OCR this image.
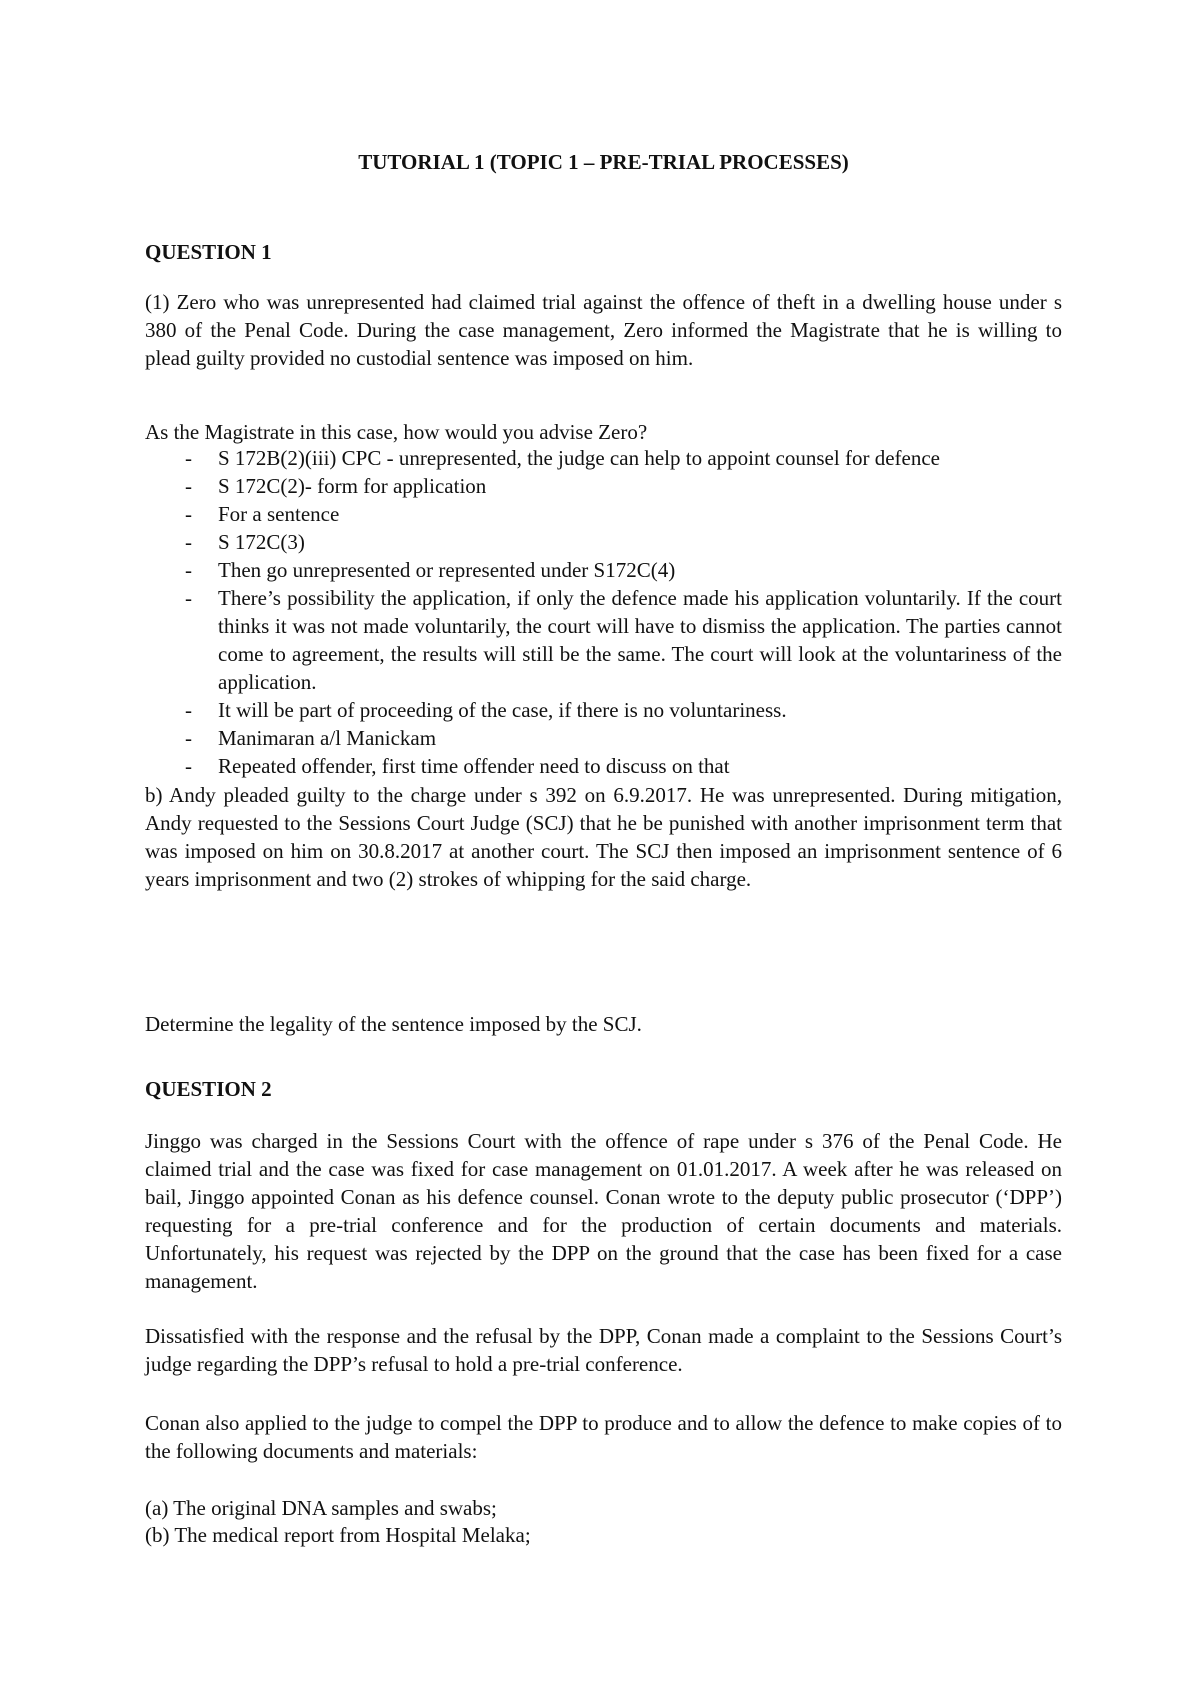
TUTORIAL 1 (TOPIC 1 – PRE-TRIAL PROCESSES)
QUESTION 1
(1) Zero who was unrepresented had claimed trial against the offence of theft in a dwelling house under s 380 of the Penal Code. During the case management, Zero informed the Magistrate that he is willing to plead guilty provided no custodial sentence was imposed on him.
As the Magistrate in this case, how would you advise Zero?
- S 172B(2)(iii) CPC - unrepresented, the judge can help to appoint counsel for defence
- S 172C(2)- form for application
- For a sentence
- S 172C(3)
- Then go unrepresented or represented under S172C(4)
- There’s possibility the application, if only the defence made his application voluntarily. If the court thinks it was not made voluntarily, the court will have to dismiss the application. The parties cannot come to agreement, the results will still be the same. The court will look at the voluntariness of the application.
- It will be part of proceeding of the case, if there is no voluntariness.
- Manimaran a/l Manickam
- Repeated offender, first time offender need to discuss on that
b) Andy pleaded guilty to the charge under s 392 on 6.9.2017. He was unrepresented. During mitigation, Andy requested to the Sessions Court Judge (SCJ) that he be punished with another imprisonment term that was imposed on him on 30.8.2017 at another court. The SCJ then imposed an imprisonment sentence of 6 years imprisonment and two (2) strokes of whipping for the said charge.
Determine the legality of the sentence imposed by the SCJ.
QUESTION 2
Jinggo was charged in the Sessions Court with the offence of rape under s 376 of the Penal Code. He claimed trial and the case was fixed for case management on 01.01.2017. A week after he was released on bail, Jinggo appointed Conan as his defence counsel. Conan wrote to the deputy public prosecutor (‘DPP’) requesting for a pre-trial conference and for the production of certain documents and materials. Unfortunately, his request was rejected by the DPP on the ground that the case has been fixed for a case management.
Dissatisfied with the response and the refusal by the DPP, Conan made a complaint to the Sessions Court’s judge regarding the DPP’s refusal to hold a pre-trial conference.
Conan also applied to the judge to compel the DPP to produce and to allow the defence to make copies of to the following documents and materials:
(a) The original DNA samples and swabs;
(b) The medical report from Hospital Melaka;
